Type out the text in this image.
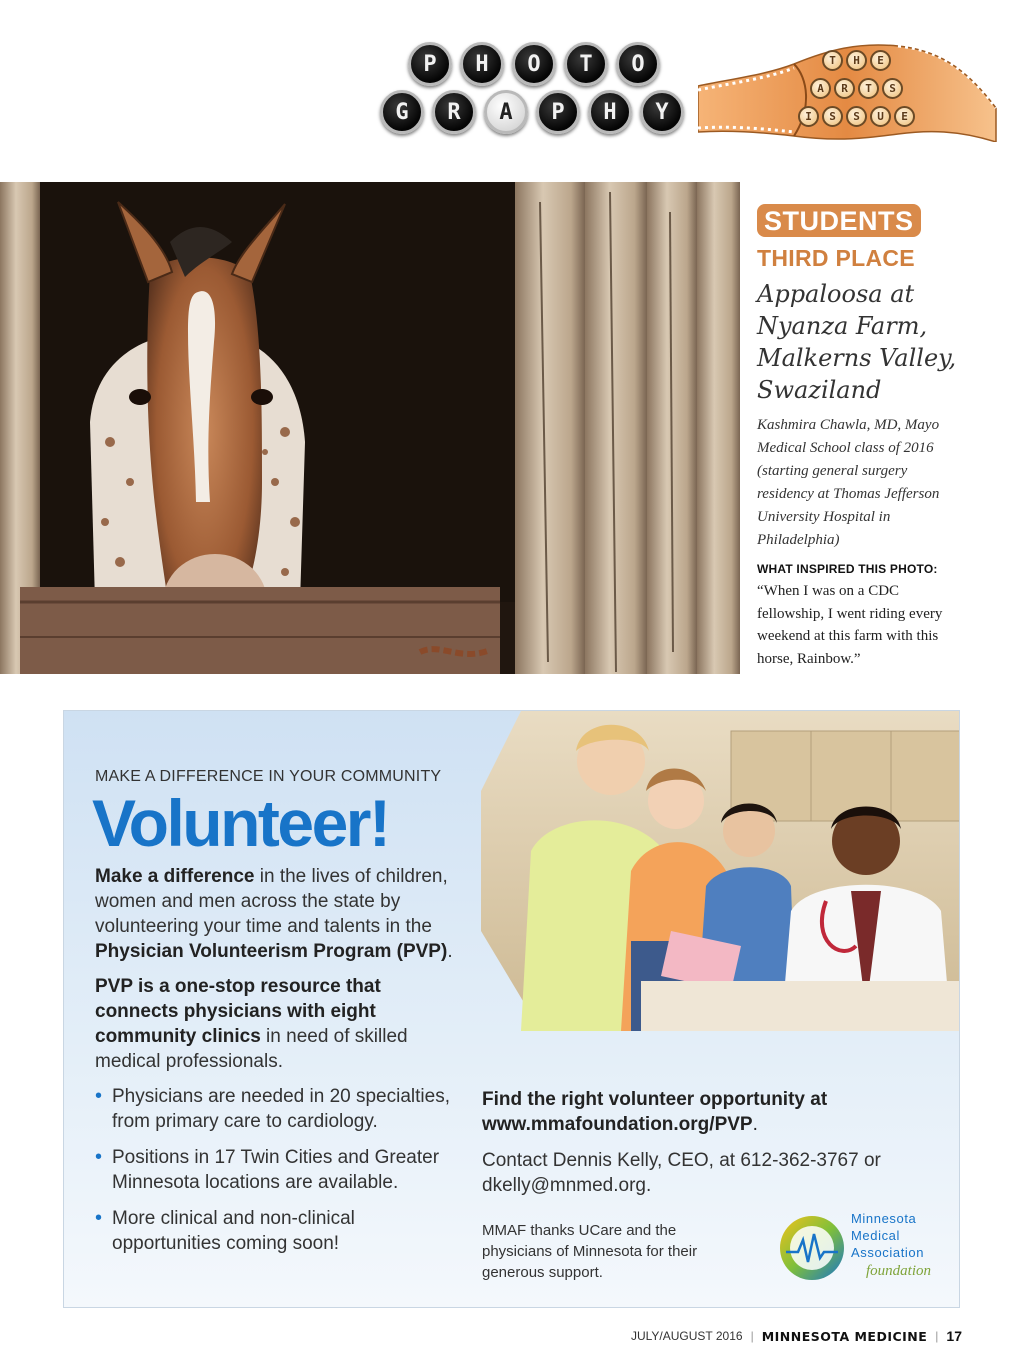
P	H	O	T	O
G	R	A	P	H	Y
T	H	E
A	R	T	S
I	S	S	U	E
STUDENTS
THIRD PLACE
Appaloosa at Nyanza Farm, Malkerns Valley, Swaziland
Kashmira Chawla, MD, Mayo Medical School class of 2016 (starting general surgery residency at Thomas Jefferson University Hospital in Philadelphia)
WHAT INSPIRED THIS PHOTO:
“When I was on a CDC fellowship, I went riding every weekend at this farm with this horse, Rainbow.”
MAKE A DIFFERENCE IN YOUR COMMUNITY
Volunteer!

Make a difference in the lives of children, women and men across the state by volunteering your time and talents in the Physician Volunteerism Program (PVP).

PVP is a one-stop resource that connects physicians with eight community clinics in need of skilled medical professionals.

• Physicians are needed in 20 specialties, from primary care to cardiology.
• Positions in 17 Twin Cities and Greater Minnesota locations are available.
• More clinical and non-clinical opportunities coming soon!
Find the right volunteer opportunity at www.mmafoundation.org/PVP.
Contact Dennis Kelly, CEO, at 612-362-3767 or dkelly@mnmed.org.
MMAF thanks UCare and the physicians of Minnesota for their generous support.
Minnesota
Medical
Association
foundation
JULY/AUGUST 2016 | MINNESOTA MEDICINE | 17
